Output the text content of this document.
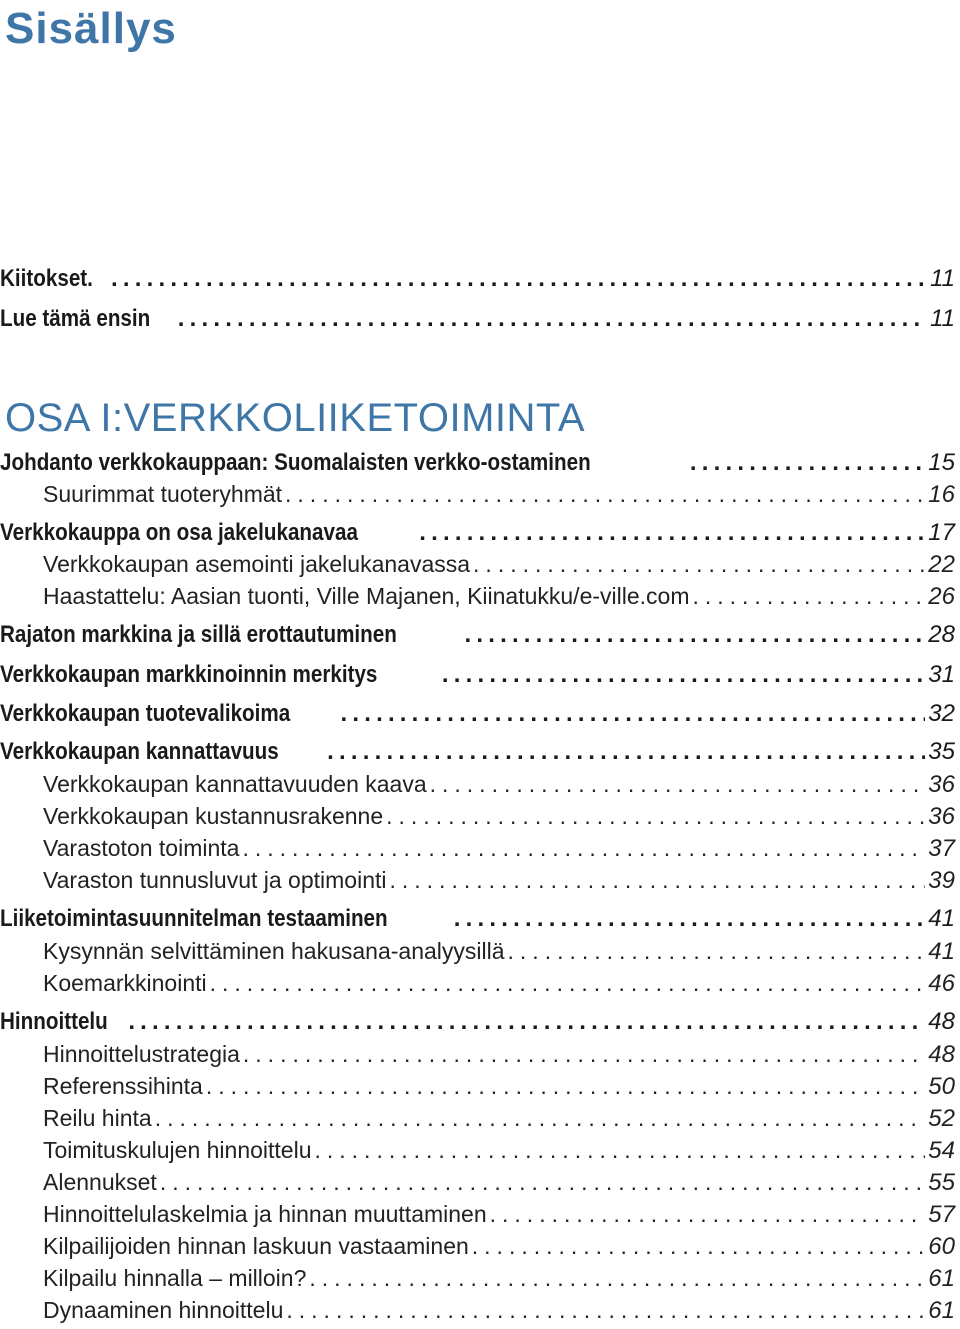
Sisällys
OSA I:VERKKOLIIKETOIMINTA
Kiitokset. .....	11
Lue tämä ensin .....	11
Johdanto verkkokauppaan: Suomalaisten verkko-ostaminen .....	15
Suurimmat tuoteryhmät .....	16
Verkkokauppa on osa jakelukanavaa .....	17
Verkkokaupan asemointi jakelukanavassa .....	22
Haastattelu: Aasian tuonti, Ville Majanen, Kiinatukku/e-ville.com .....	26
Rajaton markkina ja sillä erottautuminen .....	28
Verkkokaupan markkinoinnin merkitys .....	31
Verkkokaupan tuotevalikoima .....	32
Verkkokaupan kannattavuus .....	35
Verkkokaupan kannattavuuden kaava .....	36
Verkkokaupan kustannusrakenne .....	36
Varastoton toiminta .....	37
Varaston tunnusluvut ja optimointi .....	39
Liiketoimintasuunnitelman testaaminen .....	41
Kysynnän selvittäminen hakusana-analyysillä .....	41
Koemarkkinointi .....	46
Hinnoittelu .....	48
Hinnoittelustrategia .....	48
Referenssihinta .....	50
Reilu hinta .....	52
Toimituskulujen hinnoittelu .....	54
Alennukset .....	55
Hinnoittelulaskelmia ja hinnan muuttaminen .....	57
Kilpailijoiden hinnan laskuun vastaaminen .....	60
Kilpailu hinnalla – milloin? .....	61
Dynaaminen hinnoittelu .....	61
